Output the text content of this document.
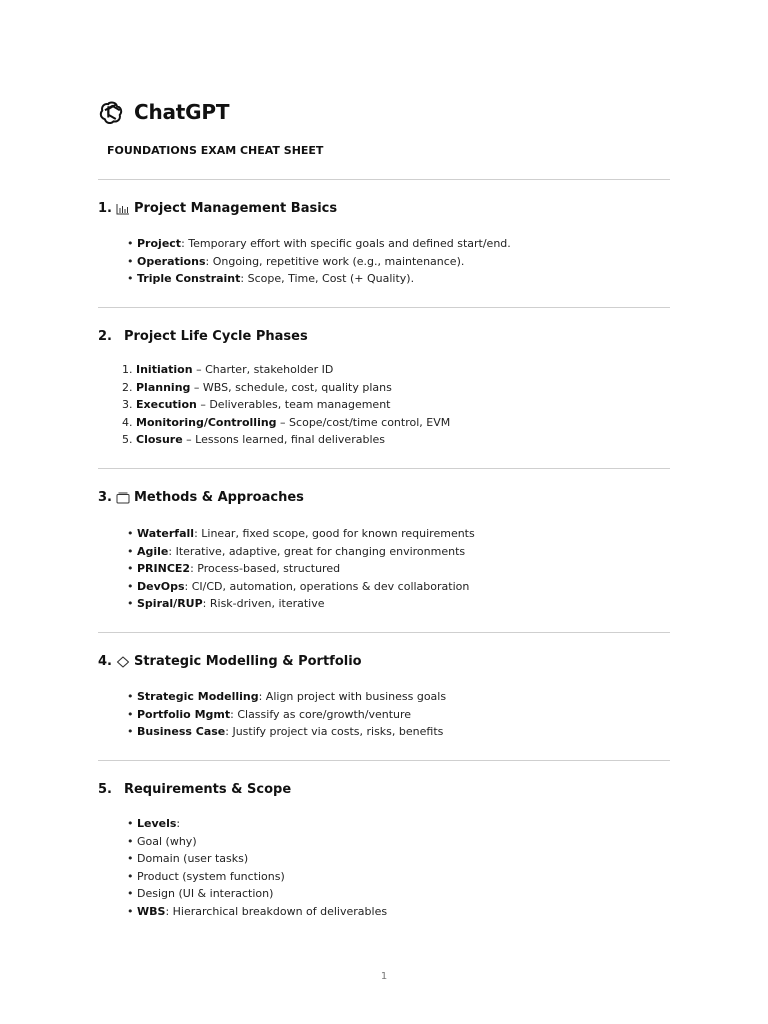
ChatGPT

FOUNDATIONS EXAM CHEAT SHEET

1. Project Management Basics
• Project: Temporary effort with specific goals and defined start/end.
• Operations: Ongoing, repetitive work (e.g., maintenance).
• Triple Constraint: Scope, Time, Cost (+ Quality).
2. Project Life Cycle Phases
1. Initiation – Charter, stakeholder ID
2. Planning – WBS, schedule, cost, quality plans
3. Execution – Deliverables, team management
4. Monitoring/Controlling – Scope/cost/time control, EVM
5. Closure – Lessons learned, final deliverables
3. Methods & Approaches
• Waterfall: Linear, fixed scope, good for known requirements
• Agile: Iterative, adaptive, great for changing environments
• PRINCE2: Process-based, structured
• DevOps: CI/CD, automation, operations & dev collaboration
• Spiral/RUP: Risk-driven, iterative
4. Strategic Modelling & Portfolio
• Strategic Modelling: Align project with business goals
• Portfolio Mgmt: Classify as core/growth/venture
• Business Case: Justify project via costs, risks, benefits
5. Requirements & Scope
• Levels:
• Goal (why)
• Domain (user tasks)
• Product (system functions)
• Design (UI & interaction)
• WBS: Hierarchical breakdown of deliverables
1
